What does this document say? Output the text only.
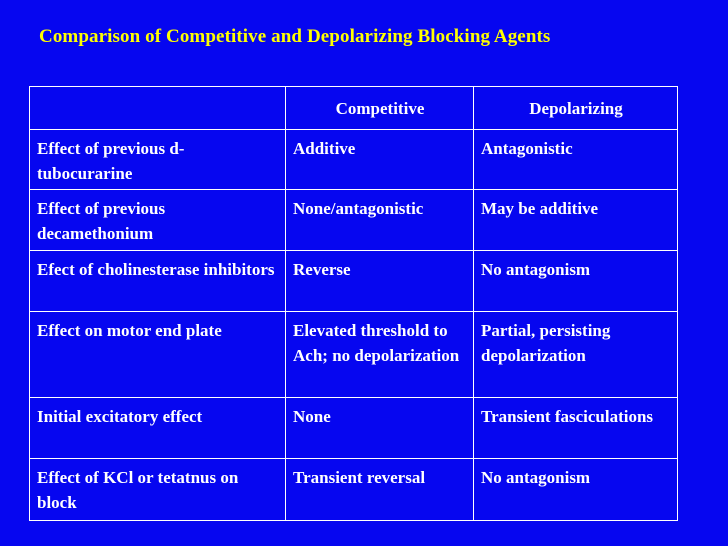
Comparison of Competitive and Depolarizing Blocking Agents
	Competitive	Depolarizing
Effect of previous d-tubocurarine	Additive	Antagonistic
Effect of previous decamethonium	None/antagonistic	May be additive
Efect of cholinesterase inhibitors	Reverse	No antagonism
Effect on motor end plate	Elevated threshold to Ach; no depolarization	Partial, persisting depolarization
Initial excitatory effect	None	Transient fasciculations
Effect of KCl or tetatnus on block	Transient reversal	No antagonism
